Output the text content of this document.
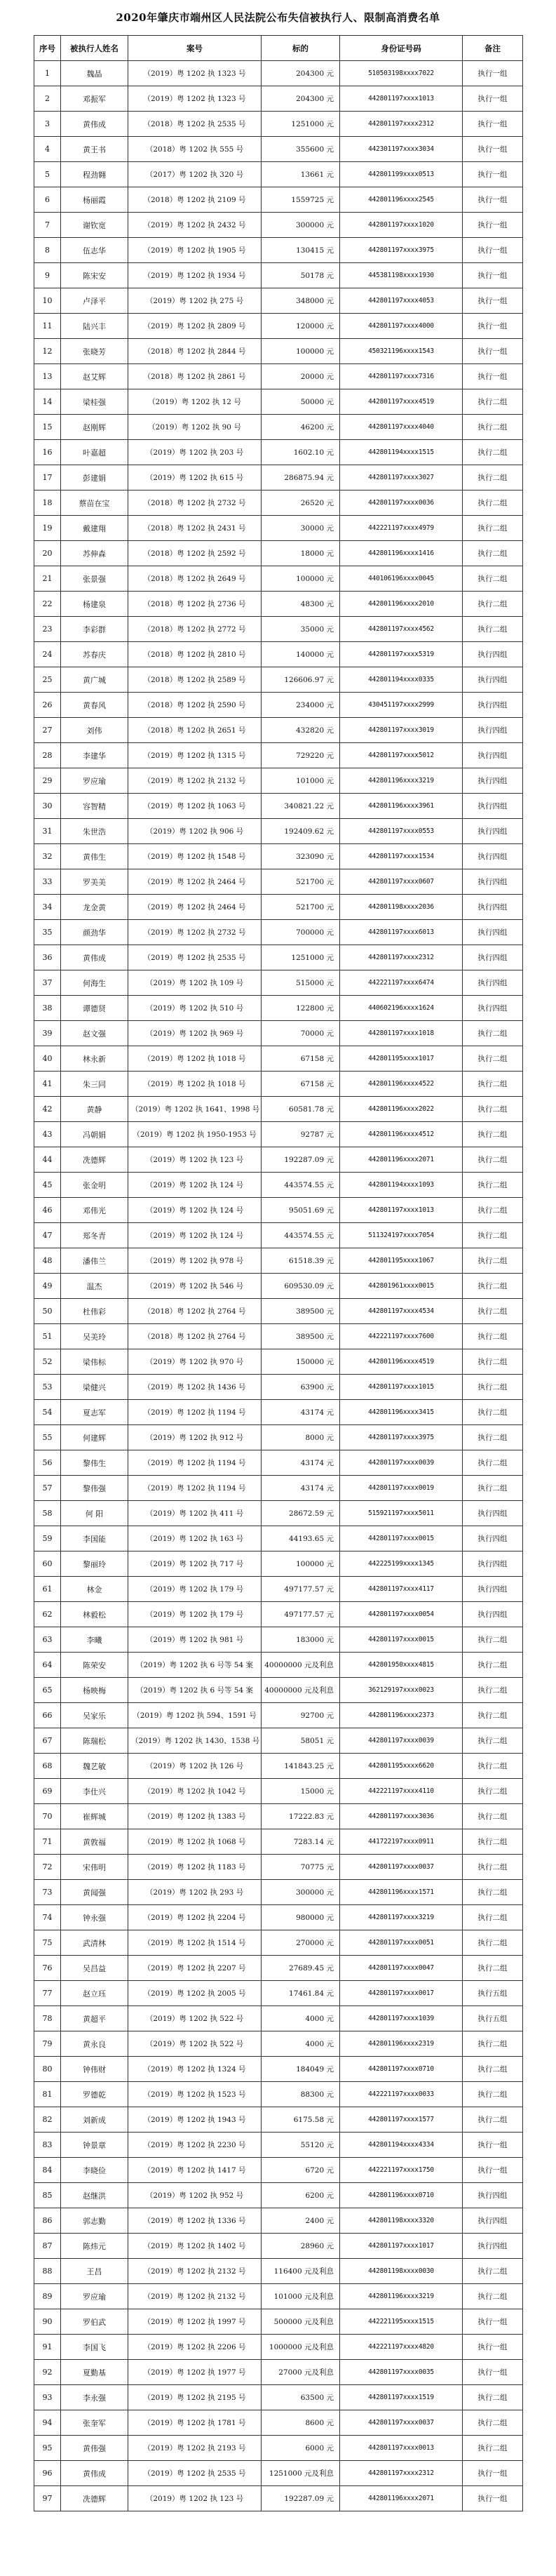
2020年肇庆市端州区人民法院公布失信被执行人、限制高消费名单
序号	被执行人姓名	案号	标的	身份证号码	备注
1	魏晶	（2019）粤 1202 执 1323 号	204300 元	510503198xxxx7022	执行一组
2	邓振军	（2019）粤 1202 执 1323 号	204300 元	442801197xxxx1013	执行一组
3	黄伟成	（2018）粤 1202 执 2535 号	1251000 元	442801197xxxx2312	执行一组
4	黄王书	（2018）粤 1202 执 555 号	355600 元	442301197xxxx3034	执行一组
5	程劲翱	（2017）粤 1202 执 320 号	13661 元	442801199xxxx0513	执行一组
6	杨丽霞	（2018）粤 1202 执 2109 号	1559725 元	442801196xxxx2545	执行一组
7	谢钦宽	（2019）粤 1202 执 2432 号	300000 元	442801197xxxx1020	执行一组
8	伍志华	（2019）粤 1202 执 1905 号	130415 元	442801197xxxx3975	执行一组
9	陈宋安	（2019）粤 1202 执 1934 号	50178 元	445381198xxxx1930	执行一组
10	卢泽平	（2019）粤 1202 执 275 号	348000 元	442801197xxxx4053	执行一组
11	陆兴丰	（2019）粤 1202 执 2809 号	120000 元	442801197xxxx4000	执行一组
12	张晓芳	（2018）粤 1202 执 2844 号	100000 元	450321196xxxx1543	执行一组
13	赵艾辉	（2018）粤 1202 执 2861 号	20000 元	442801197xxxx7316	执行一组
14	梁桂强	（2019）粤 1202 执 12 号	50000 元	442801197xxxx4519	执行二组
15	赵刚辉	（2019）粤 1202 执 90 号	46200 元	442801197xxxx4040	执行二组
16	叶嘉超	（2019）粤 1202 执 203 号	1602.10 元	442801194xxxx1515	执行二组
17	彭建娟	（2019）粤 1202 执 615 号	286875.94 元	442801197xxxx3027	执行二组
18	蔡苗在宝	（2018）粤 1202 执 2732 号	26520 元	442801197xxxx0036	执行二组
19	戴建翔	（2018）粤 1202 执 2431 号	30000 元	442221197xxxx4979	执行二组
20	苏伸森	（2018）粤 1202 执 2592 号	18000 元	442801196xxxx1416	执行二组
21	张景强	（2018）粤 1202 执 2649 号	100000 元	440106196xxxx0045	执行二组
22	杨建泉	（2018）粤 1202 执 2736 号	48300 元	442801196xxxx2010	执行二组
23	李彩群	（2018）粤 1202 执 2772 号	35000 元	442801197xxxx4562	执行二组
24	苏春庆	（2018）粤 1202 执 2810 号	140000 元	442801197xxxx5319	执行四组
25	黄广城	（2018）粤 1202 执 2589 号	126606.97 元	442801194xxxx0335	执行四组
26	黄春风	（2018）粤 1202 执 2590 号	234000 元	430451197xxxx2999	执行四组
27	刘伟	（2018）粤 1202 执 2651 号	432820 元	442801197xxxx3019	执行四组
28	李建华	（2019）粤 1202 执 1315 号	729220 元	442801197xxxx5012	执行四组
29	罗应瑜	（2019）粤 1202 执 2132 号	101000 元	442801196xxxx3219	执行四组
30	容智精	（2019）粤 1202 执 1063 号	340821.22 元	442801196xxxx3961	执行四组
31	朱世浩	（2019）粤 1202 执 906 号	192409.62 元	442801197xxxx0553	执行四组
32	黄伟生	（2019）粤 1202 执 1548 号	323090 元	442801197xxxx1534	执行四组
33	罗美美	（2019）粤 1202 执 2464 号	521700 元	442801197xxxx0607	执行四组
34	龙金黄	（2019）粤 1202 执 2464 号	521700 元	442801198xxxx2036	执行四组
35	颜劲华	（2019）粤 1202 执 2732 号	700000 元	442801197xxxx6013	执行四组
36	黄伟成	（2019）粤 1202 执 2535 号	1251000 元	442801197xxxx2312	执行四组
37	何海生	（2019）粤 1202 执 109 号	515000 元	442221197xxxx6474	执行四组
38	谭德贤	（2019）粤 1202 执 510 号	122800 元	440602196xxxx1624	执行四组
39	赵文强	（2019）粤 1202 执 969 号	70000 元	442801197xxxx1018	执行二组
40	林永新	（2019）粤 1202 执 1018 号	67158 元	442801195xxxx1017	执行二组
41	朱三同	（2019）粤 1202 执 1018 号	67158 元	442801196xxxx4522	执行二组
42	黄静	（2019）粤 1202 执 1641、1998 号	60581.78 元	442801196xxxx2022	执行二组
43	冯朝娟	（2019）粤 1202 执 1950-1953 号	92787 元	442801196xxxx4512	执行二组
44	冼德辉	（2019）粤 1202 执 123 号	192287.09 元	442801196xxxx2071	执行二组
45	张金明	（2019）粤 1202 执 124 号	443574.55 元	442801194xxxx1093	执行二组
46	邓伟光	（2019）粤 1202 执 124 号	95051.69 元	442801197xxxx1013	执行二组
47	郑冬青	（2019）粤 1202 执 124 号	443574.55 元	511324197xxxx7054	执行二组
48	潘伟兰	（2019）粤 1202 执 978 号	61518.39 元	442801195xxxx1067	执行二组
49	温杰	（2019）粤 1202 执 546 号	609530.09 元	442801961xxxx0015	执行二组
50	杜伟彩	（2018）粤 1202 执 2764 号	389500 元	442801197xxxx4534	执行二组
51	吴美玲	（2018）粤 1202 执 2764 号	389500 元	442221197xxxx7600	执行二组
52	梁伟标	（2019）粤 1202 执 970 号	150000 元	442801196xxxx4519	执行二组
53	梁健兴	（2019）粤 1202 执 1436 号	63900 元	442801197xxxx1015	执行二组
54	夏志军	（2019）粤 1202 执 1194 号	43174 元	442801196xxxx3415	执行二组
55	何建辉	（2019）粤 1202 执 912 号	8000 元	442801197xxxx3975	执行二组
56	黎伟生	（2019）粤 1202 执 1194 号	43174 元	442801197xxxx0039	执行二组
57	黎伟强	（2019）粤 1202 执 1194 号	43174 元	442801197xxxx0019	执行二组
58	何 阳	（2019）粤 1202 执 411 号	28672.59 元	515921197xxxx5011	执行四组
59	李国能	（2019）粤 1202 执 163 号	44193.65 元	442801197xxxx0015	执行四组
60	黎丽玲	（2019）粤 1202 执 717 号	100000 元	442225199xxxx1345	执行四组
61	林金	（2019）粤 1202 执 179 号	497177.57 元	442801197xxxx4117	执行四组
62	林毅松	（2019）粤 1202 执 179 号	497177.57 元	442801197xxxx0054	执行四组
63	李曦	（2019）粤 1202 执 981 号	183000 元	442801197xxxx0015	执行二组
64	陈荣安	（2019）粤 1202 执 6 号等 54 案	40000000 元及利息	442801950xxxx4815	执行二组
65	杨映梅	（2019）粤 1202 执 6 号等 54 案	40000000 元及利息	362129197xxxx0023	执行二组
66	吴家乐	（2019）粤 1202 执 594、1591 号	92700 元	442801196xxxx2373	执行二组
67	陈瑞松	（2019）粤 1202 执 1430、1538 号	58051 元	442801197xxxx0039	执行二组
68	魏艺敏	（2019）粤 1202 执 126 号	141843.25 元	442801195xxxx6620	执行二组
69	李仕兴	（2019）粤 1202 执 1042 号	15000 元	442221197xxxx4110	执行二组
70	崔辉城	（2019）粤 1202 执 1383 号	17222.83 元	442801197xxxx3036	执行二组
71	黄敦福	（2019）粤 1202 执 1068 号	7283.14 元	441722197xxxx0911	执行二组
72	宋伟明	（2019）粤 1202 执 1183 号	70775 元	442801197xxxx0037	执行二组
73	黄闻强	（2019）粤 1202 执 293 号	300000 元	442801196xxxx1571	执行二组
74	钟永强	（2019）粤 1202 执 2204 号	980000 元	442801197xxxx3219	执行二组
75	武清林	（2019）粤 1202 执 1514 号	270000 元	442801197xxxx0051	执行二组
76	吴昌益	（2019）粤 1202 执 2207 号	27689.45 元	442801197xxxx0047	执行二组
77	赵立珏	（2019）粤 1202 执 2005 号	17461.84 元	442801197xxxx0017	执行五组
78	黄超平	（2019）粤 1202 执 522 号	4000 元	442801197xxxx1039	执行五组
79	黄永良	（2019）粤 1202 执 522 号	4000 元	442801196xxxx2319	执行二组
80	钟伟财	（2019）粤 1202 执 1324 号	184049 元	442801197xxxx0710	执行二组
81	罗德乾	（2019）粤 1202 执 1523 号	88300 元	442221197xxxx0033	执行二组
82	刘新成	（2019）粤 1202 执 1943 号	6175.58 元	442801197xxxx1577	执行二组
83	钟景章	（2019）粤 1202 执 2230 号	55120 元	442801194xxxx4334	执行一组
84	李晓俭	（2019）粤 1202 执 1417 号	6720 元	442221197xxxx1750	执行一组
85	赵继洪	（2019）粤 1202 执 952 号	6200 元	442801196xxxx0710	执行四组
86	郭志勤	（2019）粤 1202 执 1336 号	2400 元	442801198xxxx3320	执行四组
87	陈炜元	（2019）粤 1202 执 1402 号	28960 元	442801197xxxx1017	执行四组
88	王昌	（2019）粤 1202 执 2132 号	116400 元及利息	442801198xxxx0030	执行二组
89	罗应瑜	（2019）粤 1202 执 2132 号	101000 元及利息	442801196xxxx3219	执行二组
90	罗伯武	（2019）粤 1202 执 1997 号	500000 元及利息	442221195xxxx1515	执行一组
91	李国飞	（2019）粤 1202 执 2206 号	1000000 元及利息	442221197xxxx4820	执行一组
92	夏勤基	（2019）粤 1202 执 1977 号	27000 元及利息	442801197xxxx0035	执行一组
93	李永强	（2019）粤 1202 执 2195 号	63500 元	442801197xxxx1519	执行二组
94	张奎军	（2019）粤 1202 执 1781 号	8600 元	442801197xxxx0037	执行二组
95	黄伟强	（2019）粤 1202 执 2193 号	6000 元	442801197xxxx0013	执行二组
96	黄伟成	（2019）粤 1202 执 2535 号	1251000 元及利息	442801197xxxx2312	执行一组
97	冼德辉	（2019）粤 1202 执 123 号	192287.09 元	442801196xxxx2071	执行一组
